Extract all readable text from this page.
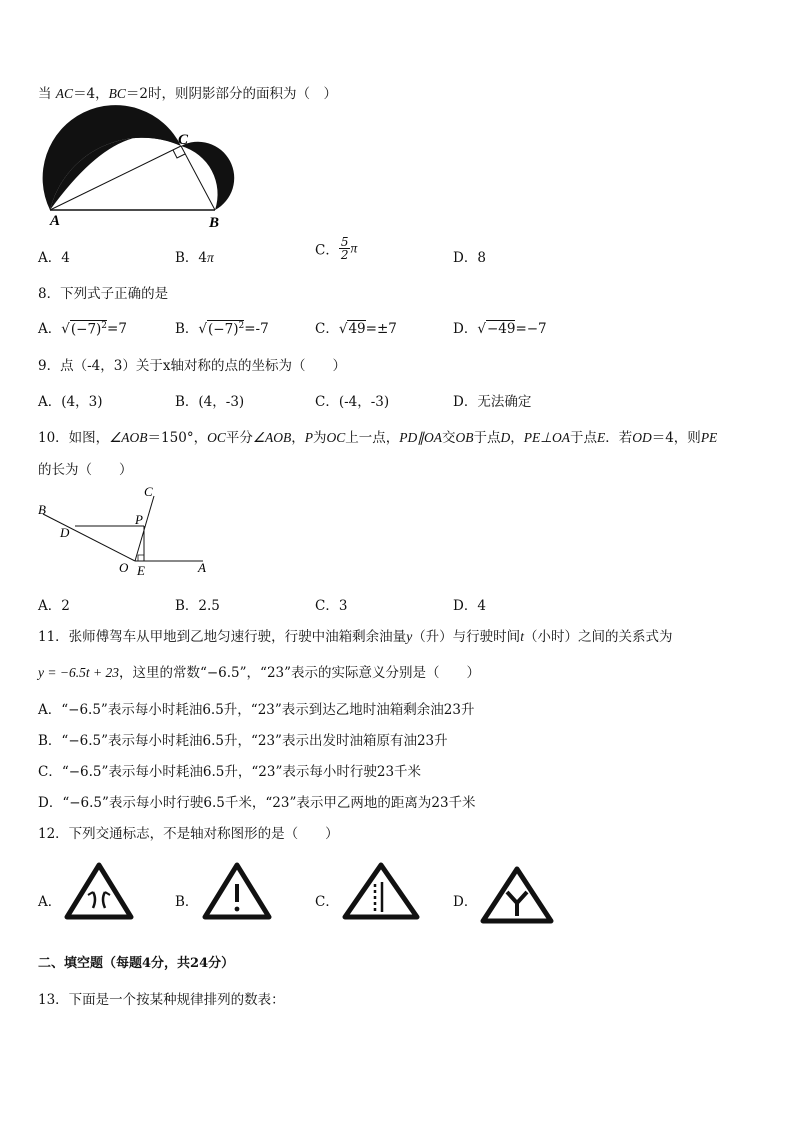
当 AC＝4，BC＝2时，则阴影部分的面积为（　）
A	B
C
A．4	B．4π	C． $\frac{5}{2}$ π
D．8
8．下列式子正确的是
A．$√(-7)^2=7$	B．$√(-7)^2=-7$	C．√49=±7	D．√−49=−7
9．点（-4，3）关于x轴对称的点的坐标为（　　）
A．(4，3)	B．(4，-3)	C．(-4，-3)	D．无法确定
10．如图，∠AOB＝150°，OC平分∠AOB，P为OC上一点，PD∥OA交OB于点D，PE⊥OA于点E．若OD＝4，则PE
的长为（　　）
B
C
D
P
O E	A
A．2	B．2.5	C．3	D．4
11．张师傅驾车从甲地到乙地匀速行驶，行驶中油箱剩余油量y（升）与行驶时间t（小时）之间的关系式为
y = −6.5t + 23，这里的常数“−6.5”，“23”表示的实际意义分别是（　　）
A．“−6.5”表示每小时耗油6.5升，“23”表示到达乙地时油箱剩余油23升
B．“−6.5”表示每小时耗油6.5升，“23”表示出发时油箱原有油23升
C．“−6.5”表示每小时耗油6.5升，“23”表示每小时行驶23千米
D．“−6.5”表示每小时行驶6.5千米，“23”表示甲乙两地的距离为23千米
12．下列交通标志，不是轴对称图形的是（　　）
A．	B．	C．	D．
二、填空题（每题4分，共24分）
13．下面是一个按某种规律排列的数表：
